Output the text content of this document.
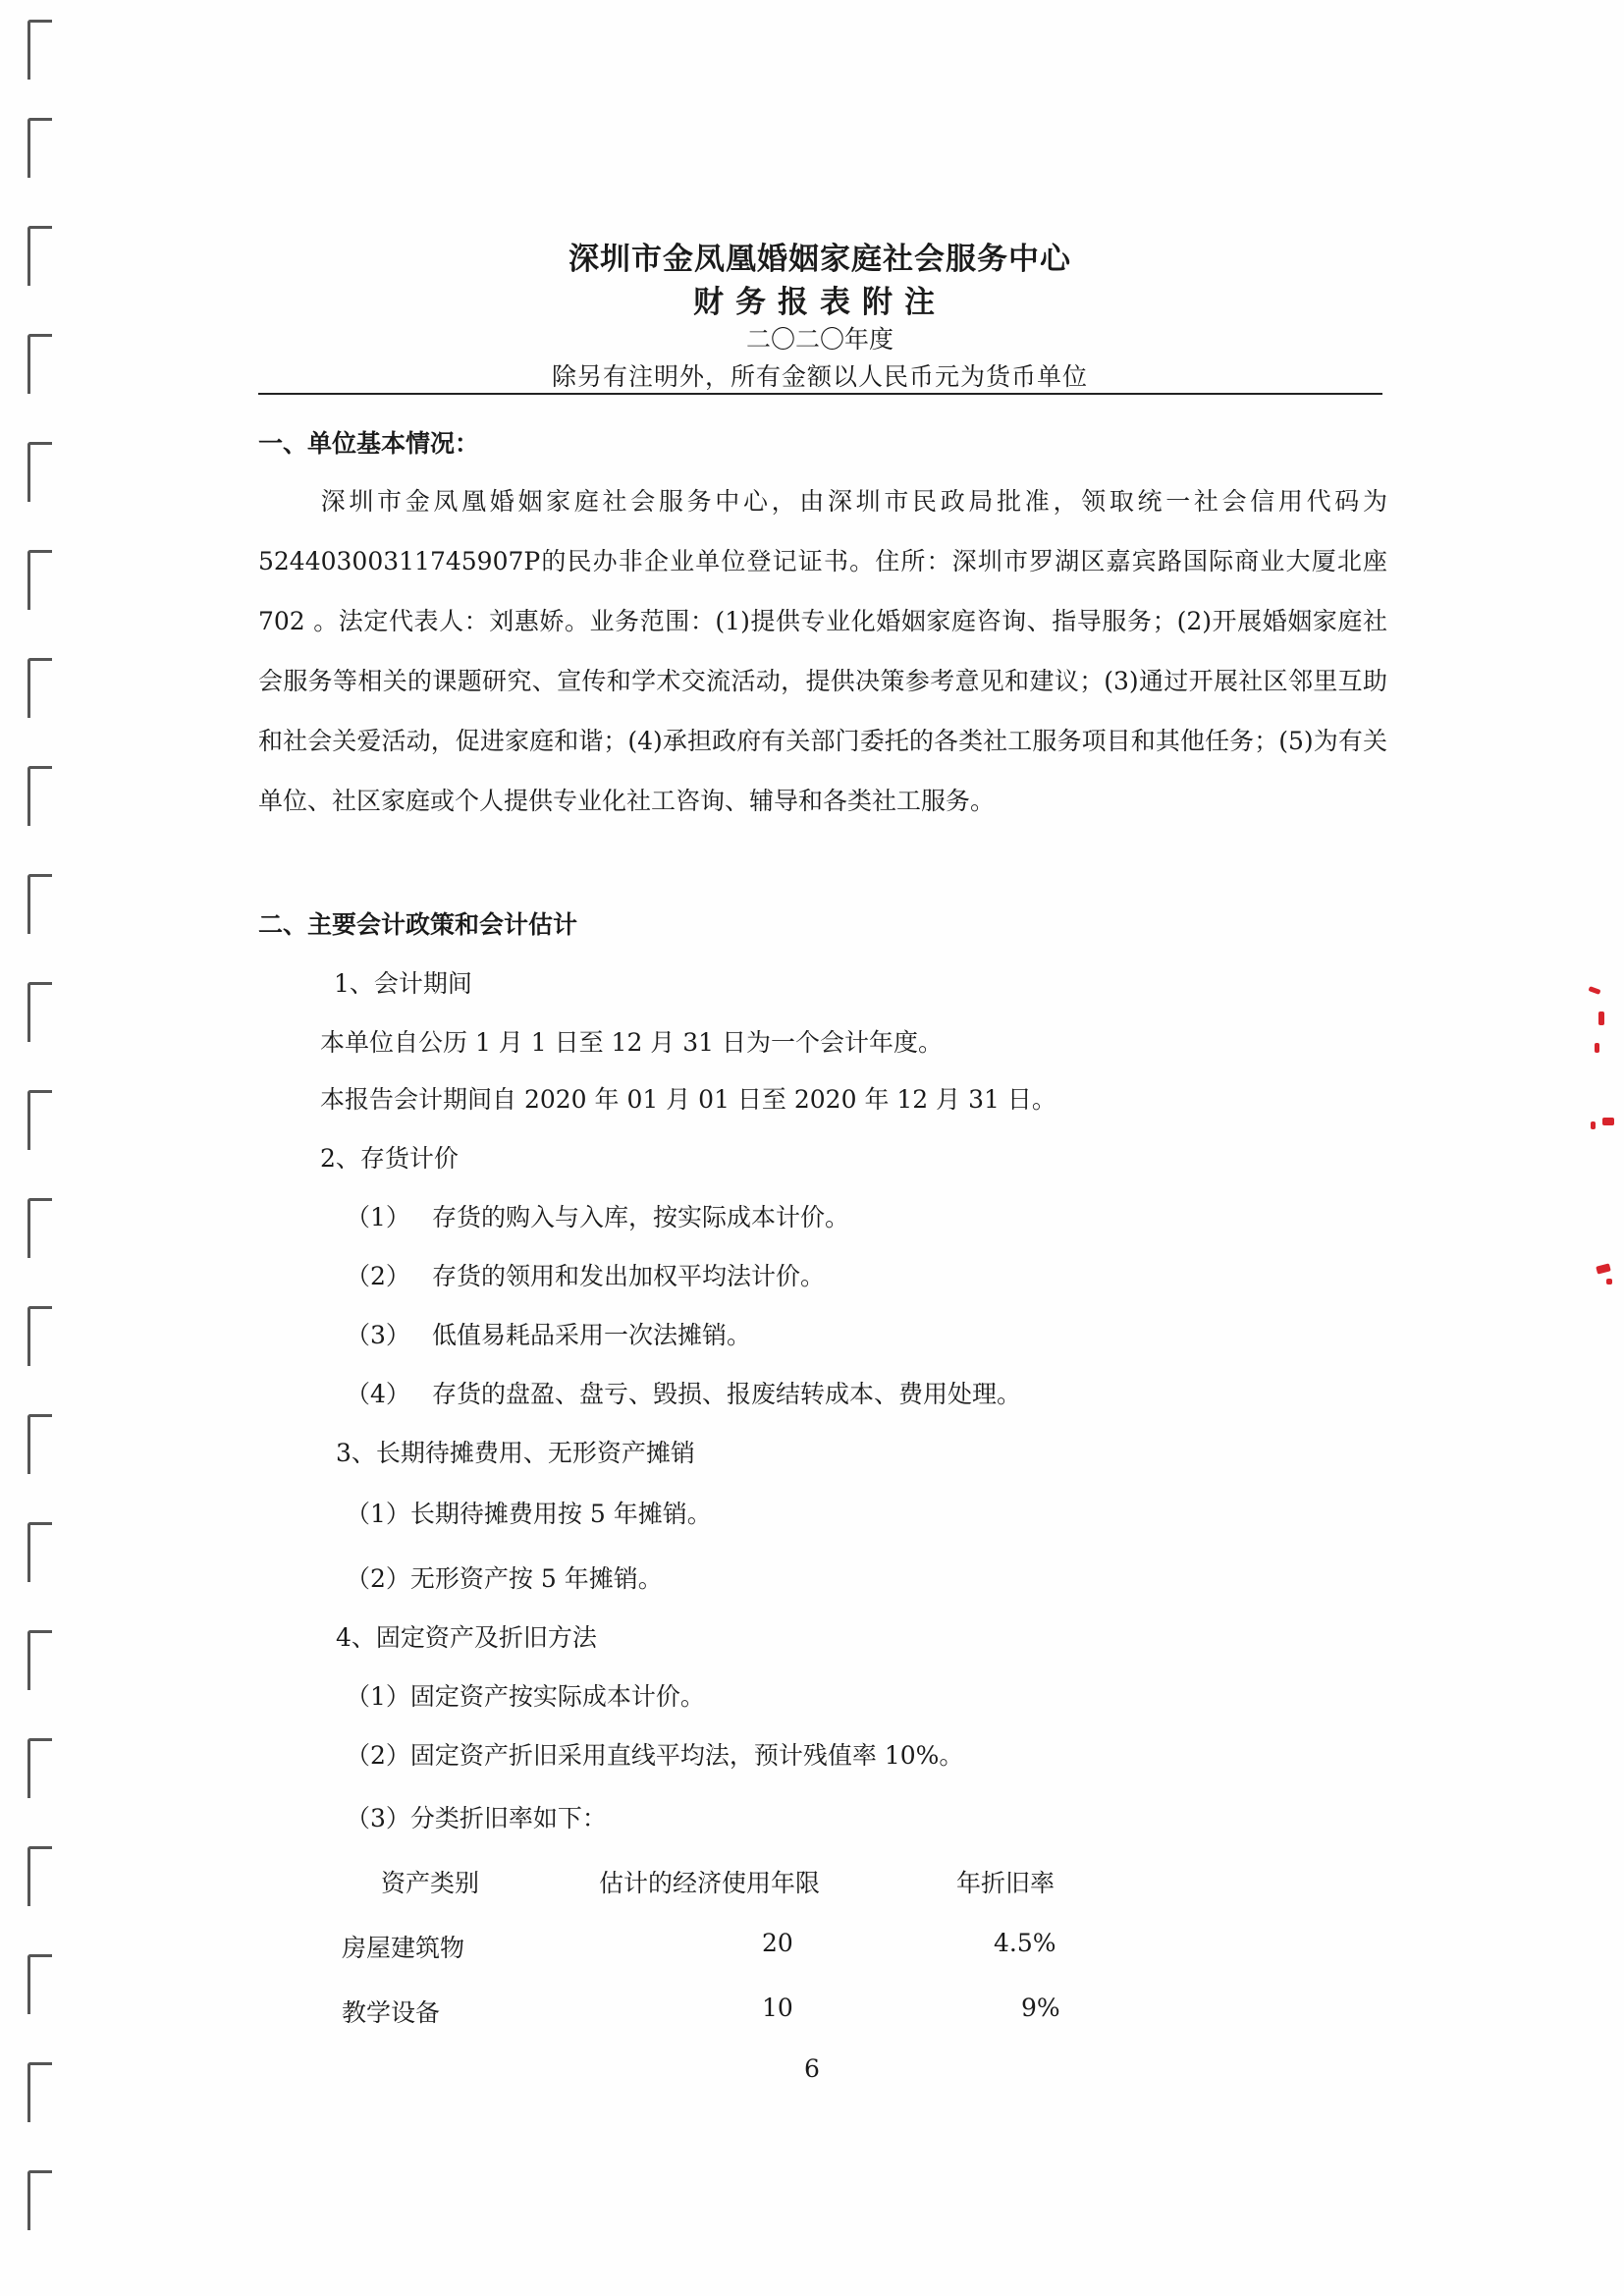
深圳市金凤凰婚姻家庭社会服务中心
财务报表附注
二〇二〇年度
除另有注明外，所有金额以人民币元为货币单位
一、单位基本情况：
深圳市金凤凰婚姻家庭社会服务中心，由深圳市民政局批准，领取统一社会信用代码为52440300311745907P的民办非企业单位登记证书。住所：深圳市罗湖区嘉宾路国际商业大厦北座702 。法定代表人：刘惠娇。业务范围：(1)提供专业化婚姻家庭咨询、指导服务；(2)开展婚姻家庭社会服务等相关的课题研究、宣传和学术交流活动，提供决策参考意见和建议；(3)通过开展社区邻里互助和社会关爱活动，促进家庭和谐；(4)承担政府有关部门委托的各类社工服务项目和其他任务；(5)为有关单位、社区家庭或个人提供专业化社工咨询、辅导和各类社工服务。
二、主要会计政策和会计估计
1、会计期间
本单位自公历 1 月 1 日至 12 月 31 日为一个会计年度。
本报告会计期间自 2020 年 01 月 01 日至 2020 年 12 月 31 日。
2、存货计价
（1） 存货的购入与入库，按实际成本计价。
（2） 存货的领用和发出加权平均法计价。
（3） 低值易耗品采用一次法摊销。
（4） 存货的盘盈、盘亏、毁损、报废结转成本、费用处理。
3、长期待摊费用、无形资产摊销
（1）长期待摊费用按 5 年摊销。
（2）无形资产按 5 年摊销。
4、固定资产及折旧方法
（1）固定资产按实际成本计价。
（2）固定资产折旧采用直线平均法，预计残值率 10%。
（3）分类折旧率如下：
资产类别	估计的经济使用年限	年折旧率
房屋建筑物	20	4.5%
教学设备	10	9%
6
